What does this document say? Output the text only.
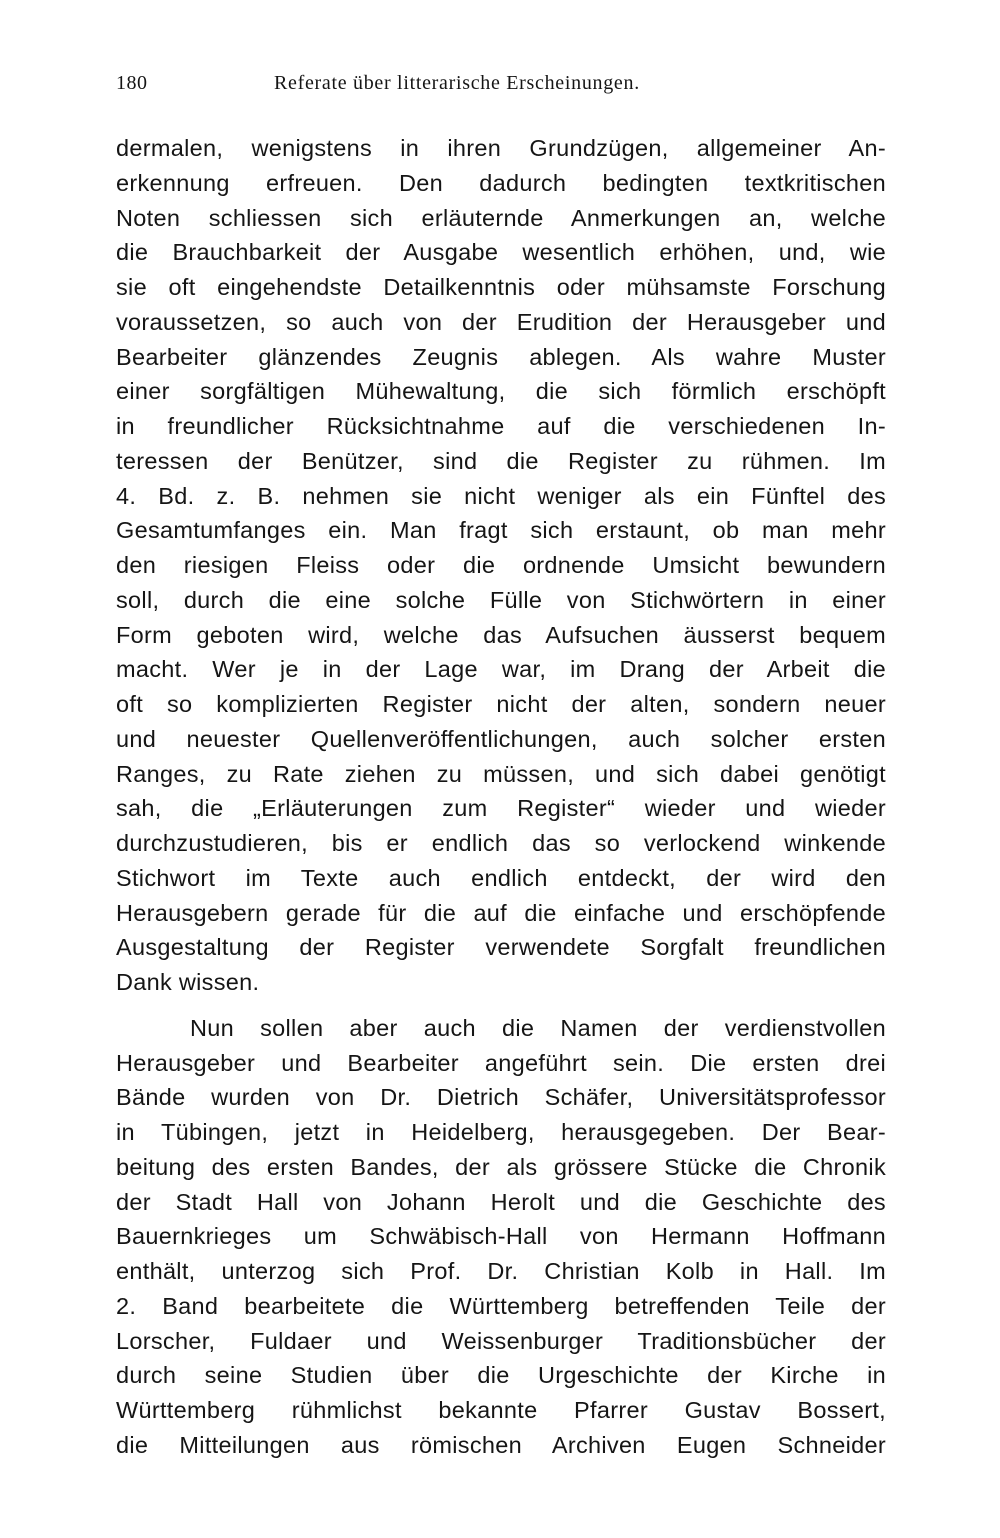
180	Referate über litterarische Erscheinungen.
dermalen, wenigstens in ihren Grundzügen, allgemeiner An-
erkennung erfreuen. Den dadurch bedingten textkritischen
Noten schliessen sich erläuternde Anmerkungen an, welche
die Brauchbarkeit der Ausgabe wesentlich erhöhen, und, wie
sie oft eingehendste Detailkenntnis oder mühsamste Forschung
voraussetzen, so auch von der Erudition der Herausgeber und
Bearbeiter glänzendes Zeugnis ablegen. Als wahre Muster
einer sorgfältigen Mühewaltung, die sich förmlich erschöpft
in freundlicher Rücksichtnahme auf die verschiedenen In-
teressen der Benützer, sind die Register zu rühmen. Im
4. Bd. z. B. nehmen sie nicht weniger als ein Fünftel des
Gesamtumfanges ein. Man fragt sich erstaunt, ob man mehr
den riesigen Fleiss oder die ordnende Umsicht bewundern
soll, durch die eine solche Fülle von Stichwörtern in einer
Form geboten wird, welche das Aufsuchen äusserst bequem
macht. Wer je in der Lage war, im Drang der Arbeit die
oft so komplizierten Register nicht der alten, sondern neuer
und neuester Quellenveröffentlichungen, auch solcher ersten
Ranges, zu Rate ziehen zu müssen, und sich dabei genötigt
sah, die „Erläuterungen zum Register“ wieder und wieder
durchzustudieren, bis er endlich das so verlockend winkende
Stichwort im Texte auch endlich entdeckt, der wird den
Herausgebern gerade für die auf die einfache und erschöpfende
Ausgestaltung der Register verwendete Sorgfalt freundlichen
Dank wissen.
Nun sollen aber auch die Namen der verdienstvollen
Herausgeber und Bearbeiter angeführt sein. Die ersten drei
Bände wurden von Dr. Dietrich Schäfer, Universitätsprofessor
in Tübingen, jetzt in Heidelberg, herausgegeben. Der Bear-
beitung des ersten Bandes, der als grössere Stücke die Chronik
der Stadt Hall von Johann Herolt und die Geschichte des
Bauernkrieges um Schwäbisch-Hall von Hermann Hoffmann
enthält, unterzog sich Prof. Dr. Christian Kolb in Hall. Im
2. Band bearbeitete die Württemberg betreffenden Teile der
Lorscher, Fuldaer und Weissenburger Traditionsbücher der
durch seine Studien über die Urgeschichte der Kirche in
Württemberg rühmlichst bekannte Pfarrer Gustav Bossert,
die Mitteilungen aus römischen Archiven Eugen Schneider
